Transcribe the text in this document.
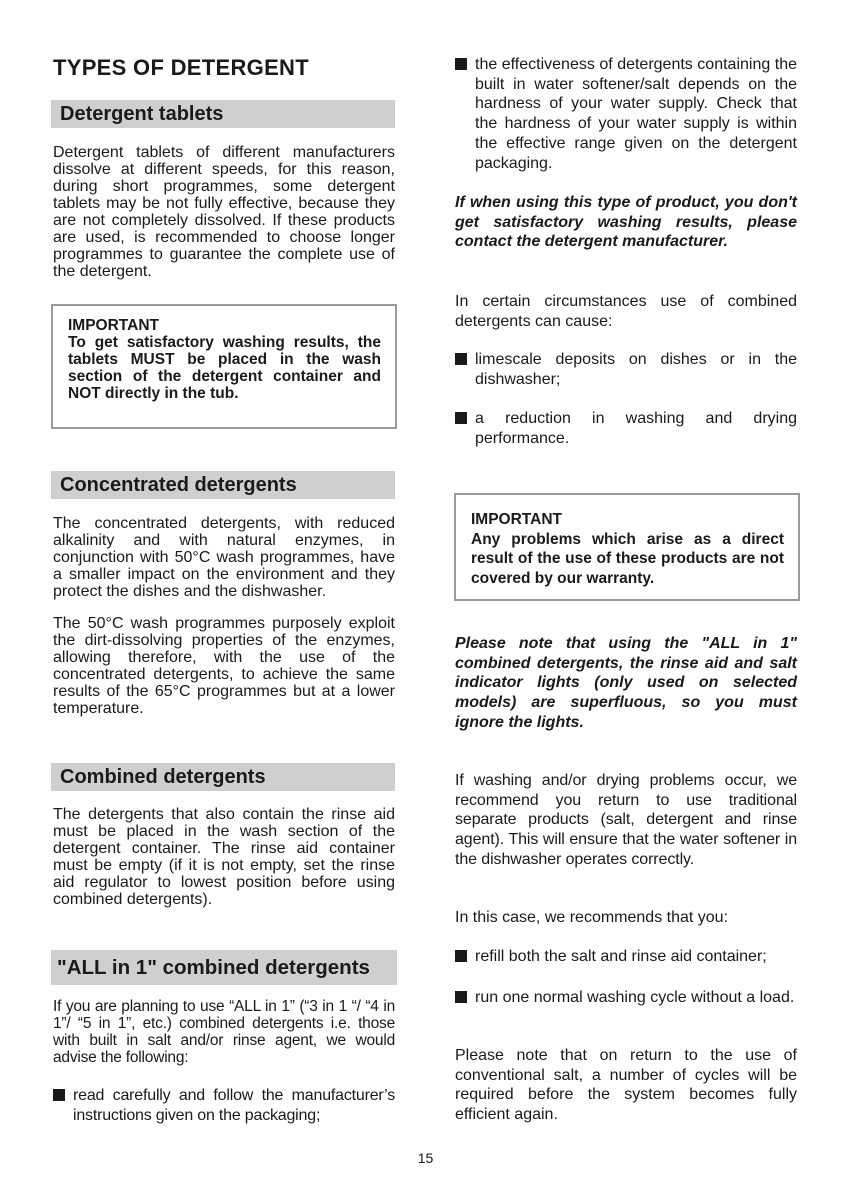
TYPES OF DETERGENT
Detergent tablets

Detergent tablets of different manufacturers dissolve at different speeds, for this reason, during short programmes, some detergent tablets may be not fully effective, because they are not completely dissolved. If these products are used, is recommended to choose longer programmes to guarantee the complete use of the detergent.

IMPORTANT
To get satisfactory washing results, the tablets MUST be placed in the wash section of the detergent container and NOT directly in the tub.
Concentrated detergents

The concentrated detergents, with reduced alkalinity and with natural enzymes, in conjunction with 50°C wash programmes, have a smaller impact on the environment and they protect the dishes and the dishwasher.

The 50°C wash programmes purposely exploit the dirt-dissolving properties of the enzymes, allowing therefore, with the use of the concentrated detergents, to achieve the same results of the 65°C programmes but at a lower temperature.

Combined detergents

The detergents that also contain the rinse aid must be placed in the wash section of the detergent container. The rinse aid container must be empty (if it is not empty, set the rinse aid regulator to lowest position before using combined detergents).

"ALL in 1" combined detergents

If you are planning to use “ALL in 1” (“3 in 1 “/ “4 in 1”/ “5 in 1”, etc.) combined detergents i.e. those with built in salt and/or rinse agent, we would advise the following:

read carefully and follow the manufacturer’s instructions given on the packaging;
the effectiveness of detergents containing the built in water softener/salt depends on the hardness of your water supply. Check that the hardness of your water supply is within the effective range given on the detergent packaging.

If when using this type of product, you don't get satisfactory washing results, please contact the detergent manufacturer.

In certain circumstances use of combined detergents can cause:

limescale deposits on dishes or in the dishwasher;
a reduction in washing and drying performance.
IMPORTANT
Any problems which arise as a direct result of the use of these products are not covered by our warranty.

Please note that using the "ALL in 1" combined detergents, the rinse aid and salt indicator lights (only used on selected models) are superfluous, so you must ignore the lights.

If washing and/or drying problems occur, we recommend you return to use traditional separate products (salt, detergent and rinse agent). This will ensure that the water softener in the dishwasher operates correctly.

In this case, we recommends that you:

refill both the salt and rinse aid container;
run one normal washing cycle without a load.

Please note that on return to the use of conventional salt, a number of cycles will be required before the system becomes fully efficient again.

15
